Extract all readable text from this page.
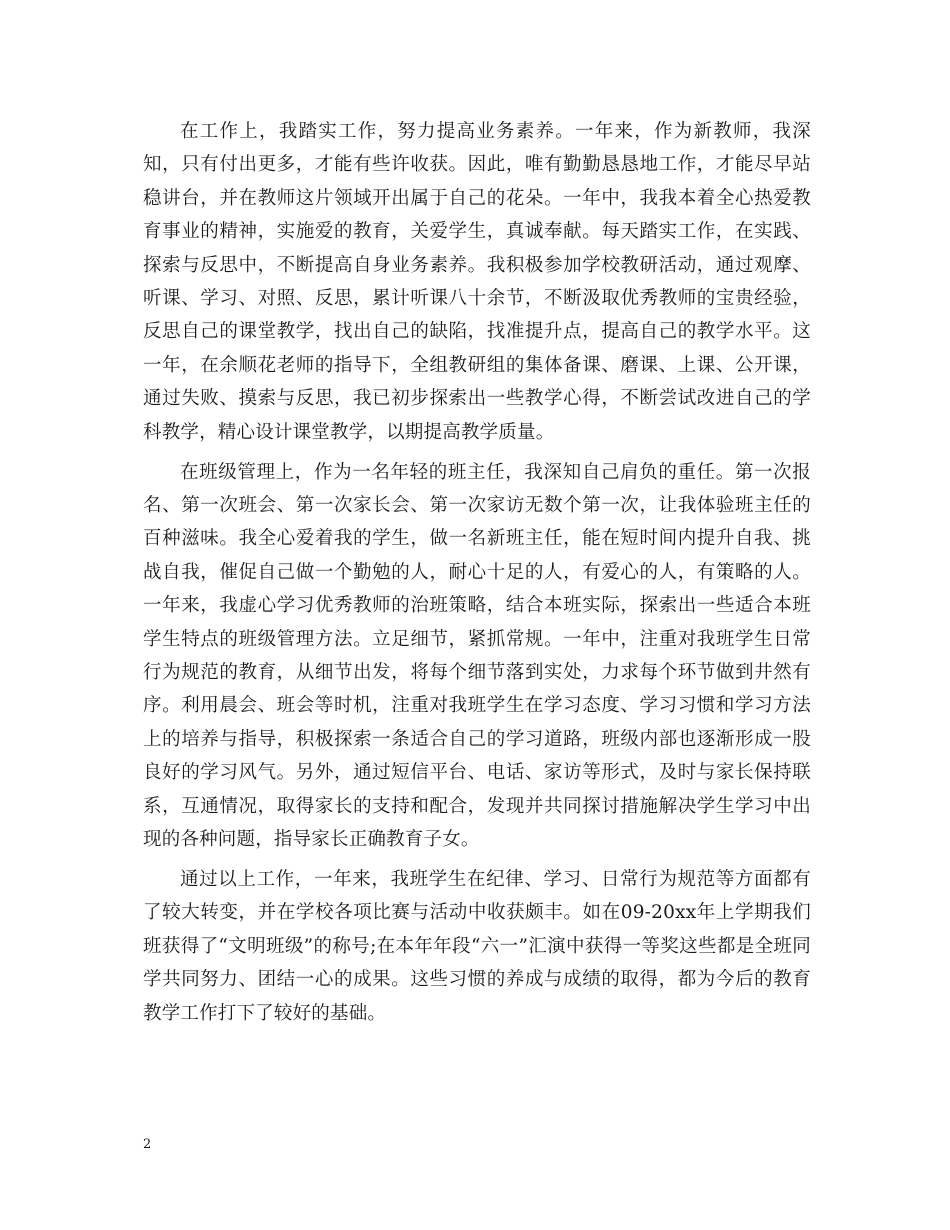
在工作上，我踏实工作，努力提高业务素养。一年来，作为新教师，我深知，只有付出更多，才能有些许收获。因此，唯有勤勤恳恳地工作，才能尽早站稳讲台，并在教师这片领域开出属于自己的花朵。一年中，我我本着全心热爱教育事业的精神，实施爱的教育，关爱学生，真诚奉献。每天踏实工作，在实践、探索与反思中，不断提高自身业务素养。我积极参加学校教研活动，通过观摩、听课、学习、对照、反思，累计听课八十余节，不断汲取优秀教师的宝贵经验，反思自己的课堂教学，找出自己的缺陷，找准提升点，提高自己的教学水平。这一年，在余顺花老师的指导下，全组教研组的集体备课、磨课、上课、公开课，通过失败、摸索与反思，我已初步探索出一些教学心得，不断尝试改进自己的学科教学，精心设计课堂教学，以期提高教学质量。

在班级管理上，作为一名年轻的班主任，我深知自己肩负的重任。第一次报名、第一次班会、第一次家长会、第一次家访无数个第一次，让我体验班主任的百种滋味。我全心爱着我的学生，做一名新班主任，能在短时间内提升自我、挑战自我，催促自己做一个勤勉的人，耐心十足的人，有爱心的人，有策略的人。一年来，我虚心学习优秀教师的治班策略，结合本班实际，探索出一些适合本班学生特点的班级管理方法。立足细节，紧抓常规。一年中，注重对我班学生日常行为规范的教育，从细节出发，将每个细节落到实处，力求每个环节做到井然有序。利用晨会、班会等时机，注重对我班学生在学习态度、学习习惯和学习方法上的培养与指导，积极探索一条适合自己的学习道路，班级内部也逐渐形成一股良好的学习风气。另外，通过短信平台、电话、家访等形式，及时与家长保持联系，互通情况，取得家长的支持和配合，发现并共同探讨措施解决学生学习中出现的各种问题，指导家长正确教育子女。

通过以上工作，一年来，我班学生在纪律、学习、日常行为规范等方面都有了较大转变，并在学校各项比赛与活动中收获颇丰。如在09-20xx年上学期我们班获得了“文明班级”的称号;在本年年段“六一”汇演中获得一等奖这些都是全班同学共同努力、团结一心的成果。这些习惯的养成与成绩的取得，都为今后的教育教学工作打下了较好的基础。

2
